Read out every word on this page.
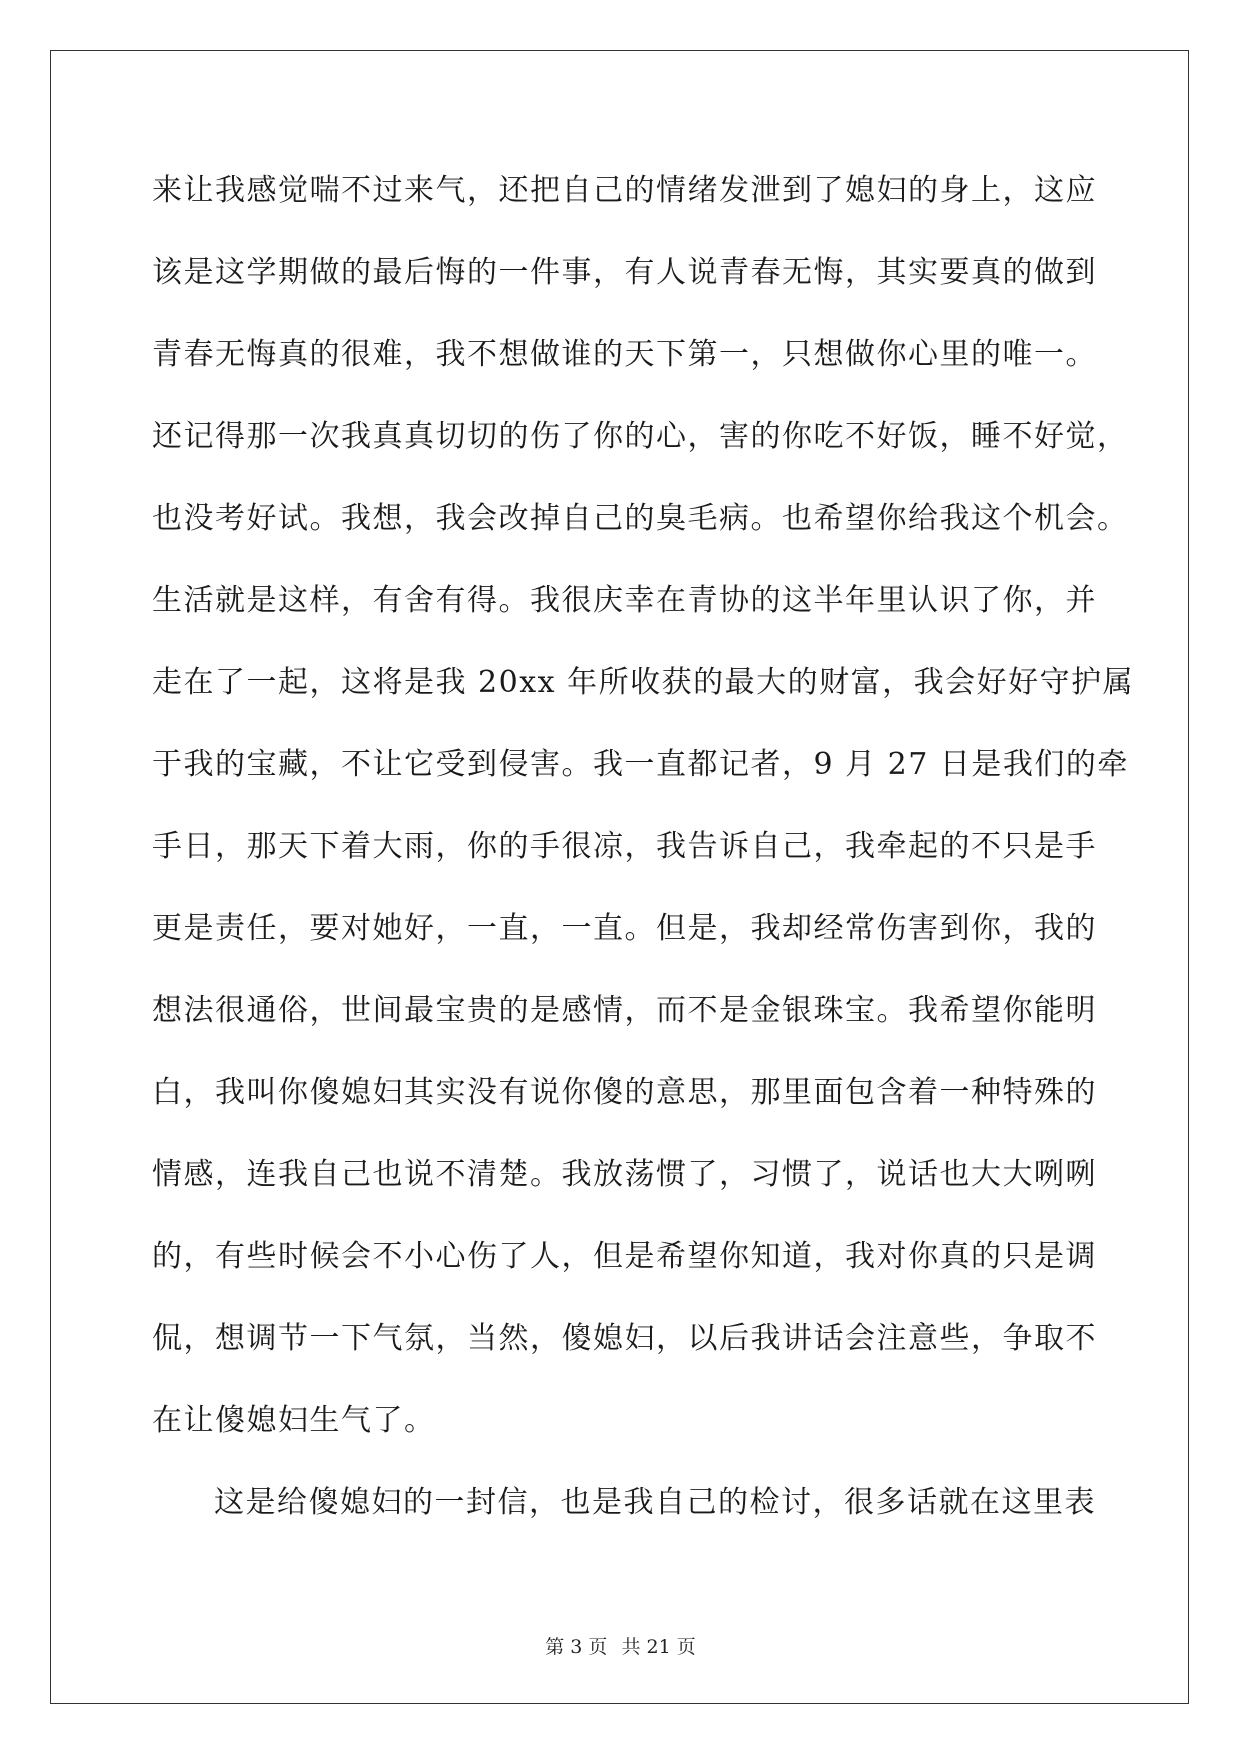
来让我感觉喘不过来气，还把自己的情绪发泄到了媳妇的身上，这应
该是这学期做的最后悔的一件事，有人说青春无悔，其实要真的做到
青春无悔真的很难，我不想做谁的天下第一，只想做你心里的唯一。
还记得那一次我真真切切的伤了你的心，害的你吃不好饭，睡不好觉，
也没考好试。我想，我会改掉自己的臭毛病。也希望你给我这个机会。
生活就是这样，有舍有得。我很庆幸在青协的这半年里认识了你，并
走在了一起，这将是我 20xx 年所收获的最大的财富，我会好好守护属
于我的宝藏，不让它受到侵害。我一直都记者，9 月 27 日是我们的牵
手日，那天下着大雨，你的手很凉，我告诉自己，我牵起的不只是手
更是责任，要对她好，一直，一直。但是，我却经常伤害到你，我的
想法很通俗，世间最宝贵的是感情，而不是金银珠宝。我希望你能明
白，我叫你傻媳妇其实没有说你傻的意思，那里面包含着一种特殊的
情感，连我自己也说不清楚。我放荡惯了，习惯了，说话也大大咧咧
的，有些时候会不小心伤了人，但是希望你知道，我对你真的只是调
侃，想调节一下气氛，当然，傻媳妇，以后我讲话会注意些，争取不
在让傻媳妇生气了。
这是给傻媳妇的一封信，也是我自己的检讨，很多话就在这里表
第 3 页 共 21 页
